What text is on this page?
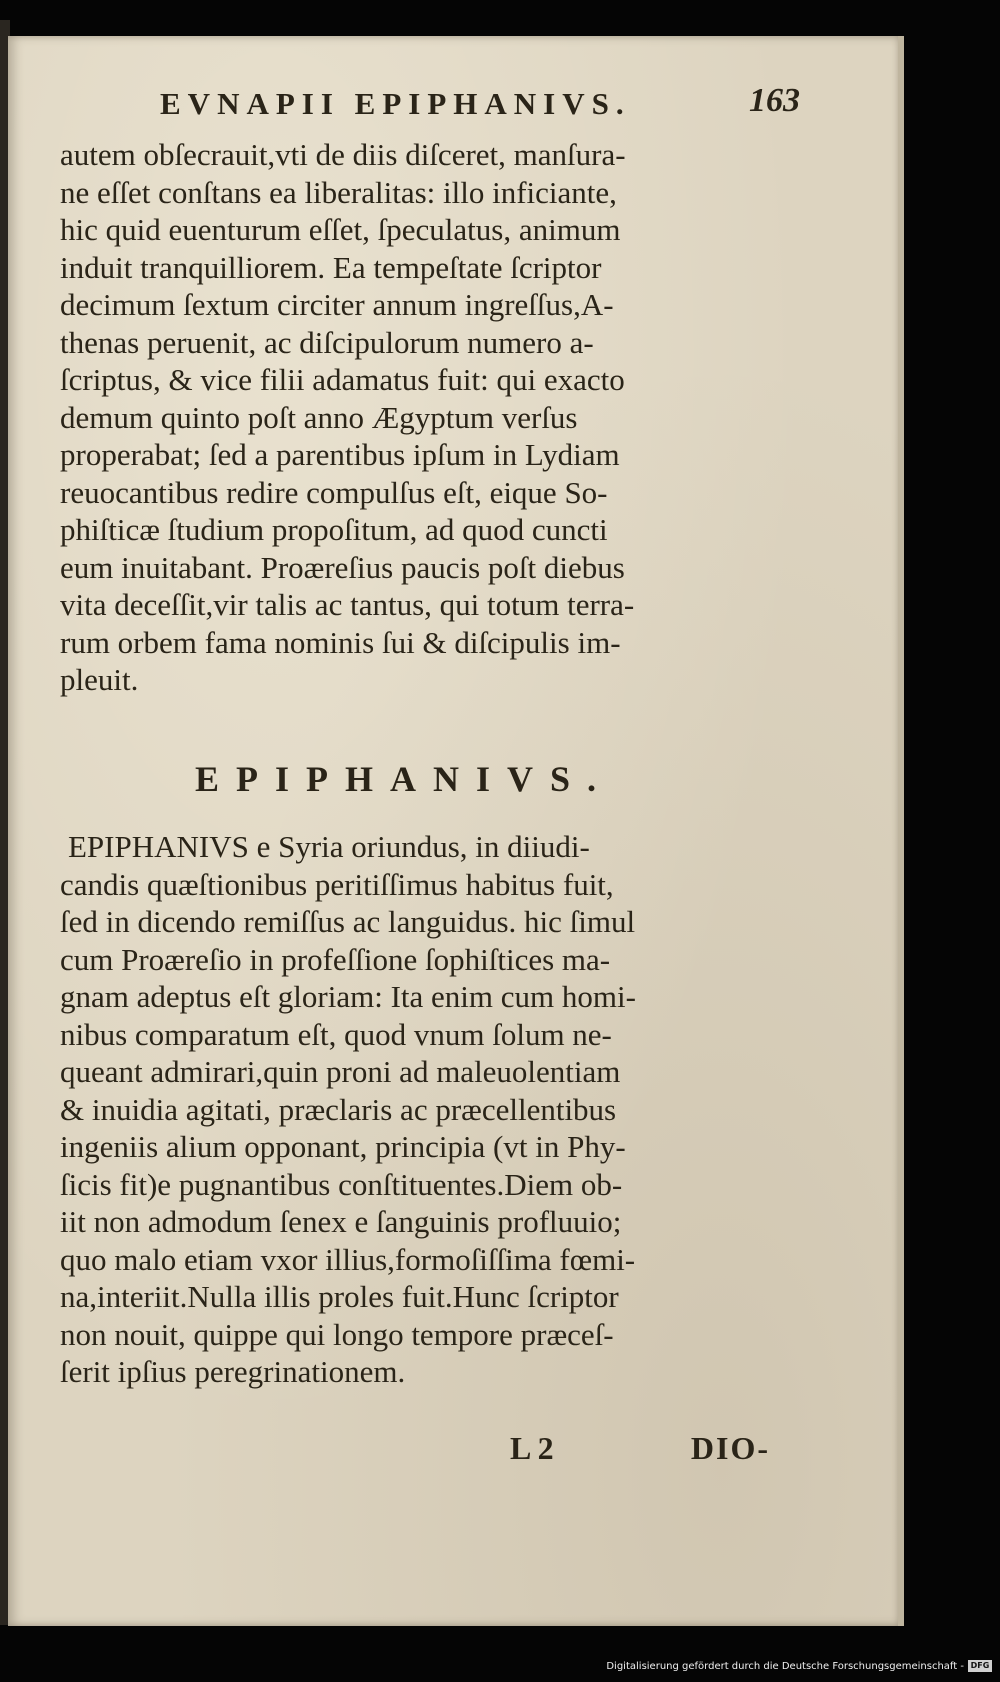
EVNAPII EPIPHANIVS.	163
autem obſecrauit,vti de diis diſceret, manſura-
ne eſſet conſtans ea liberalitas: illo inficiante,
hic quid euenturum eſſet, ſpeculatus, animum
induit tranquilliorem. Ea tempeſtate ſcriptor
decimum ſextum circiter annum ingreſſus,A-
thenas peruenit, ac diſcipulorum numero a-
ſcriptus, & vice filii adamatus fuit: qui exacto
demum quinto poſt anno Ægyptum verſus
properabat; ſed a parentibus ipſum in Lydiam
reuocantibus redire compulſus eſt, eique So-
phiſticæ ſtudium propoſitum, ad quod cuncti
eum inuitabant. Proæreſius paucis poſt diebus
vita deceſſit,vir talis ac tantus, qui totum terra-
rum orbem fama nominis ſui & diſcipulis im-
pleuit.
EPIPHANIVS.
EPIPHANIVS e Syria oriundus, in diiudi-
candis quæſtionibus peritiſſimus habitus fuit,
ſed in dicendo remiſſus ac languidus. hic ſimul
cum Proæreſio in profeſſione ſophiſtices ma-
gnam adeptus eſt gloriam: Ita enim cum homi-
nibus comparatum eſt, quod vnum ſolum ne-
queant admirari,quin proni ad maleuolentiam
& inuidia agitati, præclaris ac præcellentibus
ingeniis alium opponant, principia (vt in Phy-
ſicis fit)e pugnantibus conſtituentes.Diem ob-
iit non admodum ſenex e ſanguinis profluuio;
quo malo etiam vxor illius,formoſiſſima fœmi-
na,interiit.Nulla illis proles fuit.Hunc ſcriptor
non nouit, quippe qui longo tempore præceſ-
ſerit ipſius peregrinationem.
L 2	DIO-
Digitalisierung gefördert durch die Deutsche Forschungsgemeinschaft - DFG
